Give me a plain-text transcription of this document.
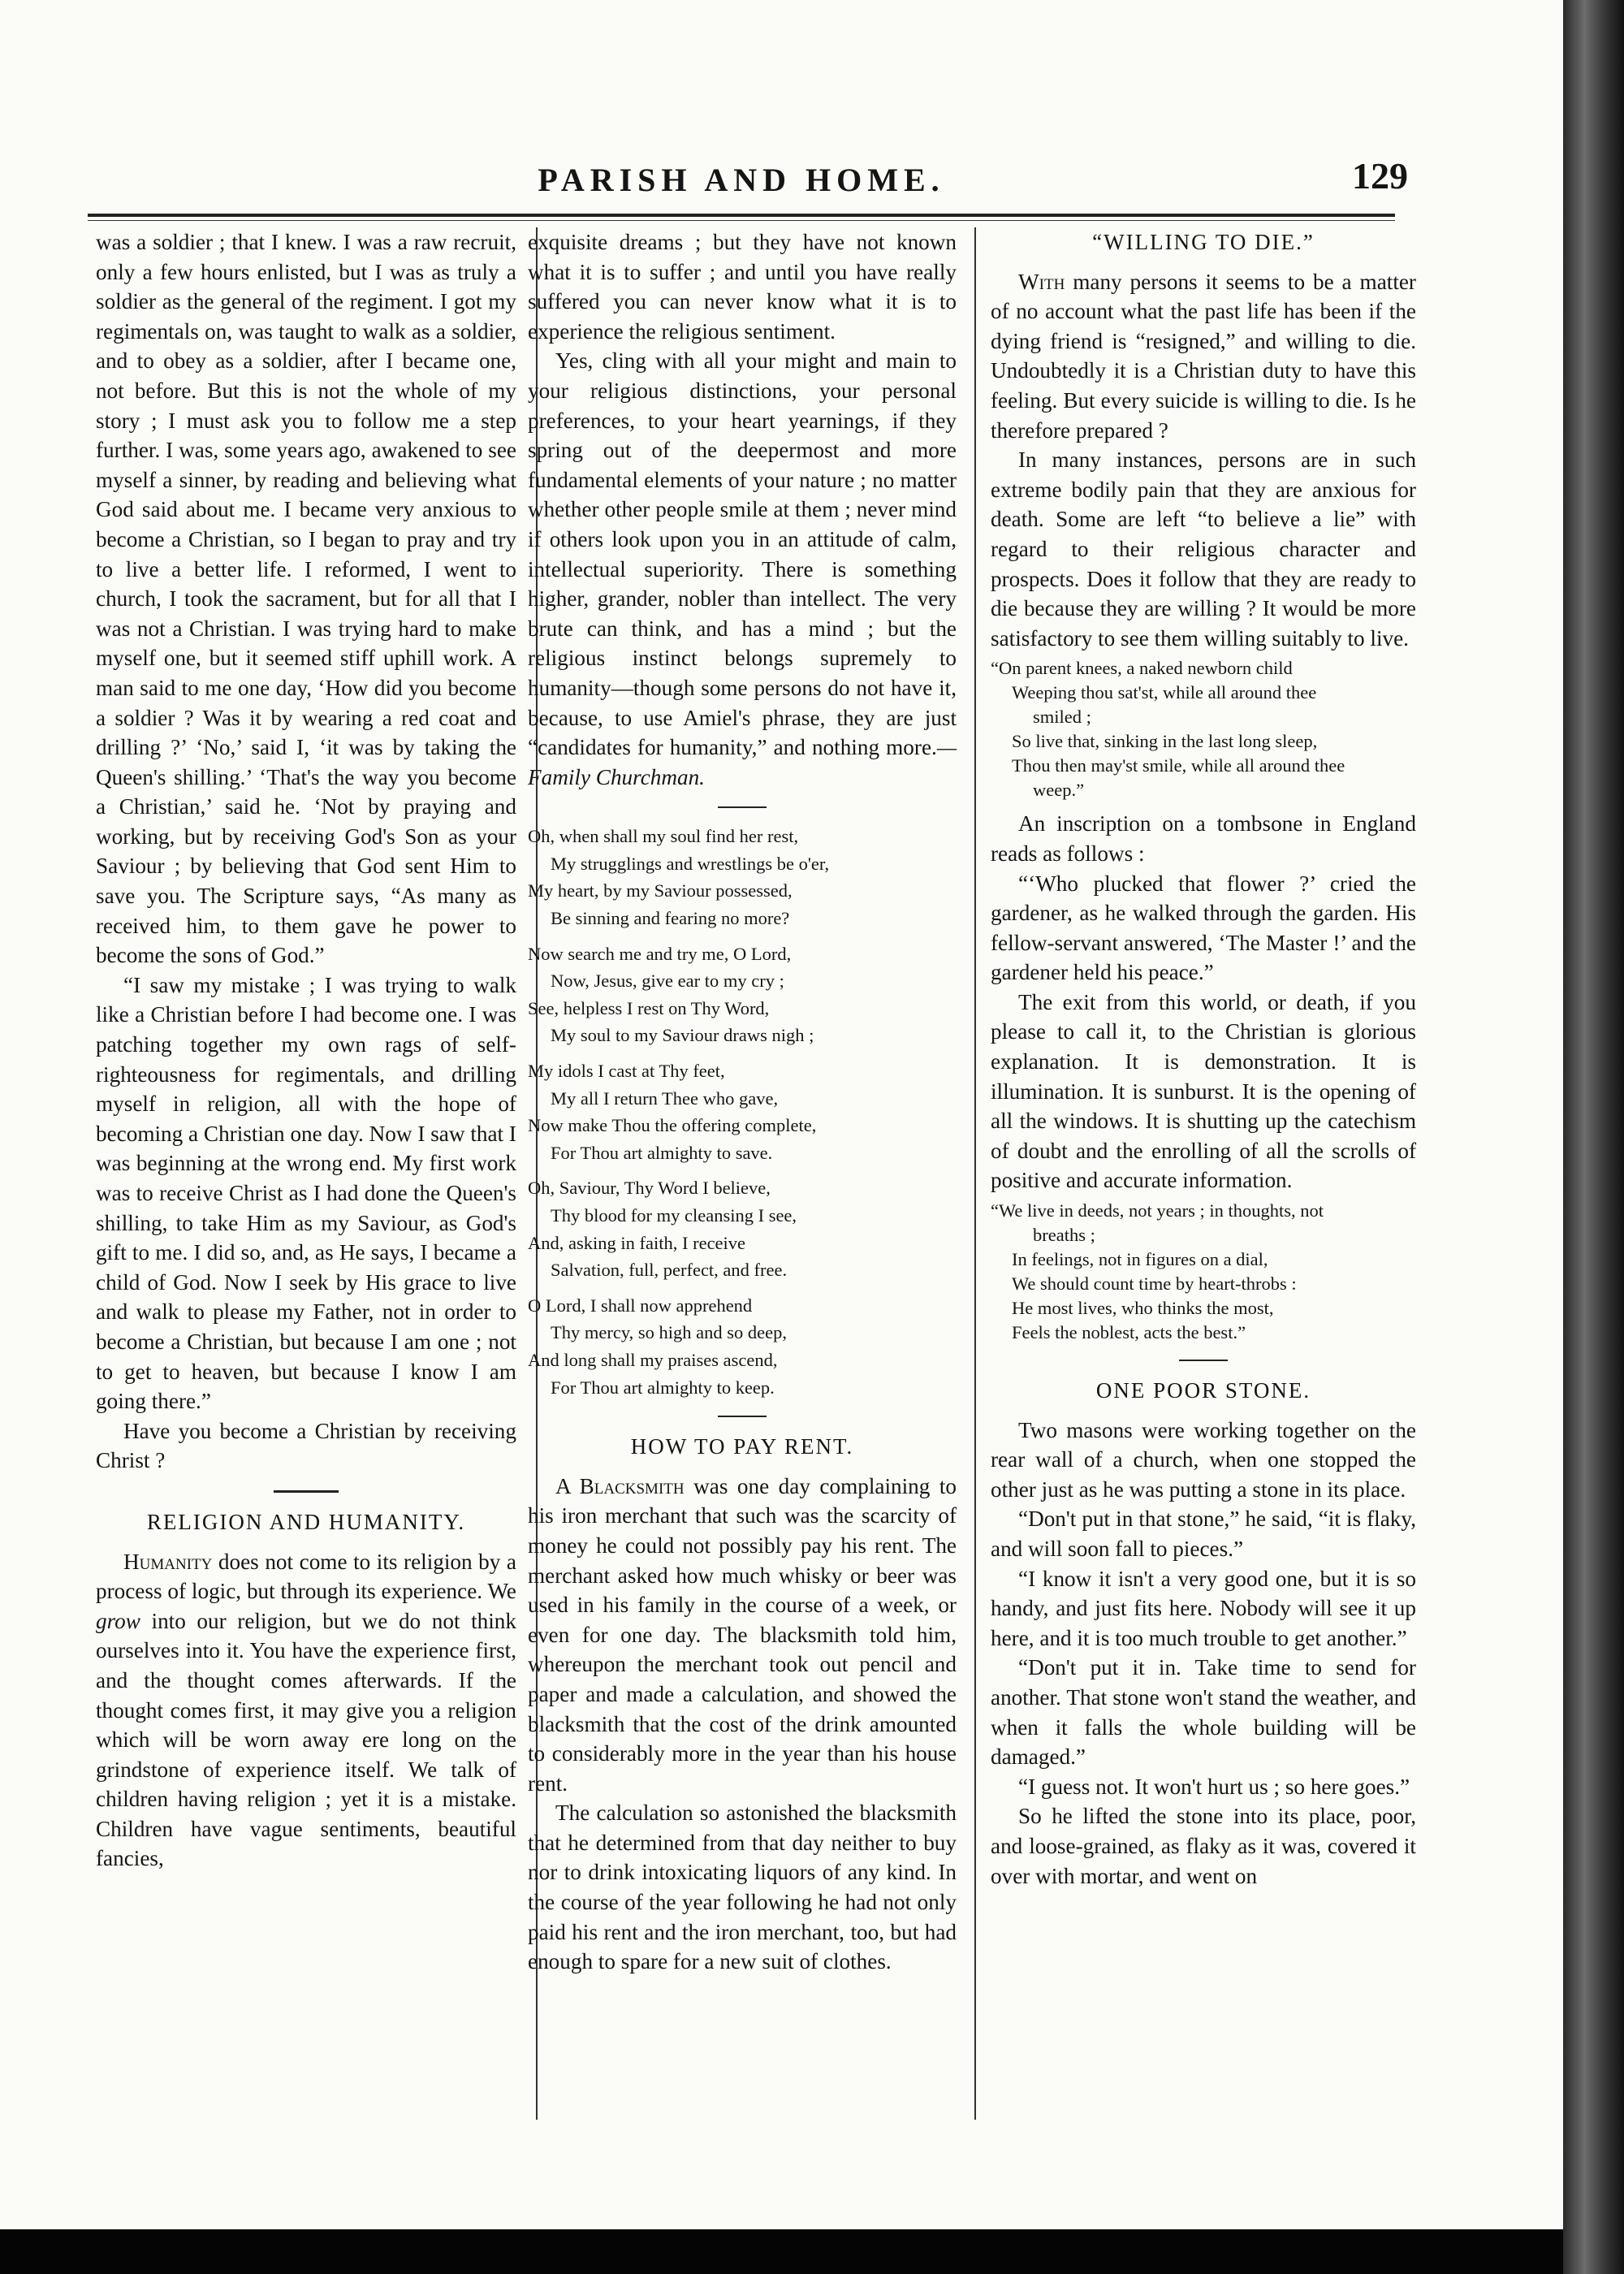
PARISH AND HOME.	129

was a soldier ; that I knew. I was a raw recruit, only a few hours enlisted, but I was as truly a soldier as the general of the regiment. I got my regimentals on, was taught to walk as a soldier, and to obey as a soldier, after I became one, not before. But this is not the whole of my story ; I must ask you to follow me a step further. I was, some years ago, awakened to see myself a sinner, by reading and believing what God said about me. I became very anxious to become a Christian, so I began to pray and try to live a better life. I reformed, I went to church, I took the sacrament, but for all that I was not a Christian. I was trying hard to make myself one, but it seemed stiff uphill work. A man said to me one day, ‘How did you become a soldier ? Was it by wearing a red coat and drilling ?’ ‘No,’ said I, ‘it was by taking the Queen's shilling.’ ‘That's the way you become a Christian,’ said he. ‘Not by praying and working, but by receiving God's Son as your Saviour ; by believing that God sent Him to save you. The Scripture says, “As many as received him, to them gave he power to become the sons of God.”

“I saw my mistake ; I was trying to walk like a Christian before I had become one. I was patching together my own rags of self-righteousness for regimentals, and drilling myself in religion, all with the hope of becoming a Christian one day. Now I saw that I was beginning at the wrong end. My first work was to receive Christ as I had done the Queen's shilling, to take Him as my Saviour, as God's gift to me. I did so, and, as He says, I became a child of God. Now I seek by His grace to live and walk to please my Father, not in order to become a Christian, but because I am one ; not to get to heaven, but because I know I am going there.”

Have you become a Christian by receiving Christ ?

RELIGION AND HUMANITY.

Humanity does not come to its religion by a process of logic, but through its experience. We grow into our religion, but we do not think ourselves into it. You have the experience first, and the thought comes afterwards. If the thought comes first, it may give you a religion which will be worn away ere long on the grindstone of experience itself. We talk of children having religion ; yet it is a mistake. Children have vague sentiments, beautiful fancies,

exquisite dreams ; but they have not known what it is to suffer ; and until you have really suffered you can never know what it is to experience the religious sentiment.

Yes, cling with all your might and main to your religious distinctions, your personal preferences, to your heart yearnings, if they spring out of the deepermost and more fundamental elements of your nature ; no matter whether other people smile at them ; never mind if others look upon you in an attitude of calm, intellectual superiority. There is something higher, grander, nobler than intellect. The very brute can think, and has a mind ; but the religious instinct belongs supremely to humanity—though some persons do not have it, because, to use Amiel's phrase, they are just “candidates for humanity,” and nothing more.—Family Churchman.

Oh, when shall my soul find her rest,
My strugglings and wrestlings be o'er,
My heart, by my Saviour possessed,
Be sinning and fearing no more?
Now search me and try me, O Lord,
Now, Jesus, give ear to my cry ;
See, helpless I rest on Thy Word,
My soul to my Saviour draws nigh ;
My idols I cast at Thy feet,
My all I return Thee who gave,
Now make Thou the offering complete,
For Thou art almighty to save.
Oh, Saviour, Thy Word I believe,
Thy blood for my cleansing I see,
And, asking in faith, I receive
Salvation, full, perfect, and free.
O Lord, I shall now apprehend
Thy mercy, so high and so deep,
And long shall my praises ascend,
For Thou art almighty to keep.
HOW TO PAY RENT.

A Blacksmith was one day complaining to his iron merchant that such was the scarcity of money he could not possibly pay his rent. The merchant asked how much whisky or beer was used in his family in the course of a week, or even for one day. The blacksmith told him, whereupon the merchant took out pencil and paper and made a calculation, and showed the blacksmith that the cost of the drink amounted to considerably more in the year than his house rent.

The calculation so astonished the blacksmith that he determined from that day neither to buy nor to drink intoxicating liquors of any kind. In the course of the year following he had not only paid his rent and the iron merchant, too, but had enough to spare for a new suit of clothes.

“WILLING TO DIE.”

With many persons it seems to be a matter of no account what the past life has been if the dying friend is “resigned,” and willing to die. Undoubtedly it is a Christian duty to have this feeling. But every suicide is willing to die. Is he therefore prepared ?

In many instances, persons are in such extreme bodily pain that they are anxious for death. Some are left “to believe a lie” with regard to their religious character and prospects. Does it follow that they are ready to die because they are willing ? It would be more satisfactory to see them willing suitably to live.

“On parent knees, a naked newborn child
Weeping thou sat'st, while all around thee
smiled ;
So live that, sinking in the last long sleep,
Thou then may'st smile, while all around thee
weep.”

An inscription on a tombsone in England reads as follows :

“‘Who plucked that flower ?’ cried the gardener, as he walked through the garden. His fellow-servant answered, ‘The Master !’ and the gardener held his peace.”

The exit from this world, or death, if you please to call it, to the Christian is glorious explanation. It is demonstration. It is illumination. It is sunburst. It is the opening of all the windows. It is shutting up the catechism of doubt and the enrolling of all the scrolls of positive and accurate information.

“We live in deeds, not years ; in thoughts, not
breaths ;
In feelings, not in figures on a dial,
We should count time by heart-throbs :
He most lives, who thinks the most,
Feels the noblest, acts the best.”
ONE POOR STONE.

Two masons were working together on the rear wall of a church, when one stopped the other just as he was putting a stone in its place.

“Don't put in that stone,” he said, “it is flaky, and will soon fall to pieces.”

“I know it isn't a very good one, but it is so handy, and just fits here. Nobody will see it up here, and it is too much trouble to get another.”

“Don't put it in. Take time to send for another. That stone won't stand the weather, and when it falls the whole building will be damaged.”

“I guess not. It won't hurt us ; so here goes.”

So he lifted the stone into its place, poor, and loose-grained, as flaky as it was, covered it over with mortar, and went on
